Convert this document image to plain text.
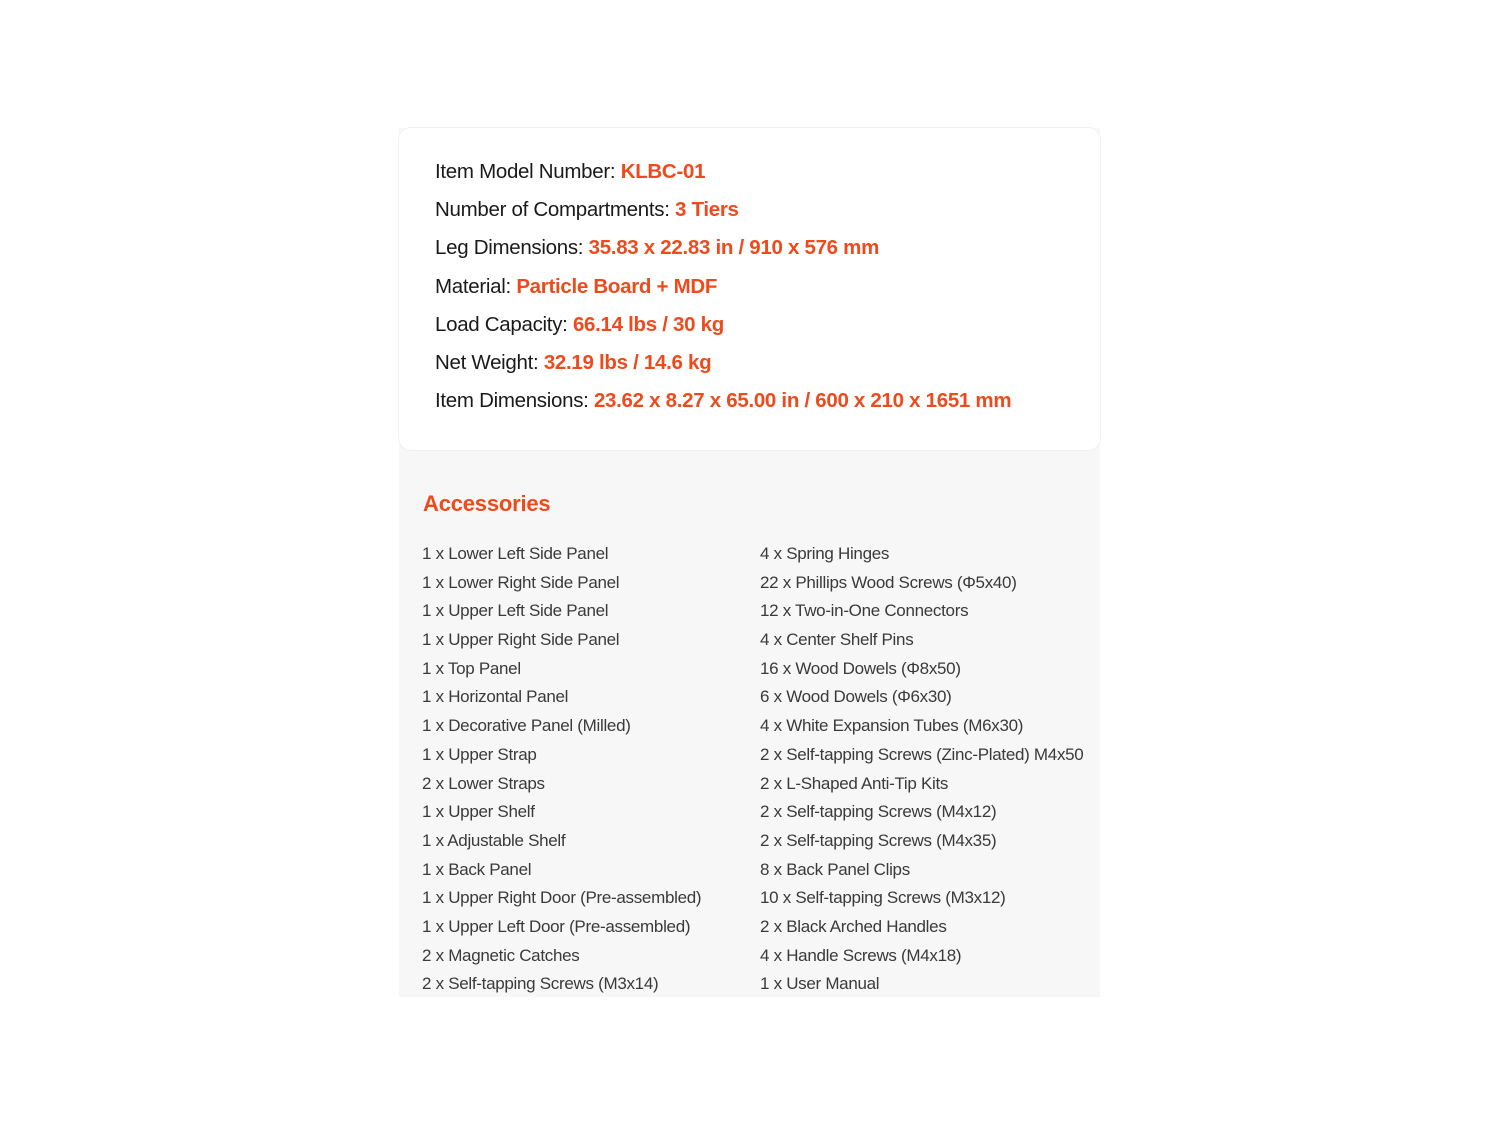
Item Model Number: KLBC-01
Number of Compartments: 3 Tiers
Leg Dimensions: 35.83 x 22.83 in / 910 x 576 mm
Material: Particle Board + MDF
Load Capacity: 66.14 lbs / 30 kg
Net Weight: 32.19 lbs / 14.6 kg
Item Dimensions: 23.62 x 8.27 x 65.00 in / 600 x 210 x 1651 mm
Accessories
1 x Lower Left Side Panel
1 x Lower Right Side Panel
1 x Upper Left Side Panel
1 x Upper Right Side Panel
1 x Top Panel
1 x Horizontal Panel
1 x Decorative Panel (Milled)
1 x Upper Strap
2 x Lower Straps
1 x Upper Shelf
1 x Adjustable Shelf
1 x Back Panel
1 x Upper Right Door (Pre-assembled)
1 x Upper Left Door (Pre-assembled)
2 x Magnetic Catches
2 x Self-tapping Screws (M3x14)
4 x Spring Hinges
22 x Phillips Wood Screws (Φ5x40)
12 x Two-in-One Connectors
4 x Center Shelf Pins
16 x Wood Dowels (Φ8x50)
6 x Wood Dowels (Φ6x30)
4 x White Expansion Tubes (M6x30)
2 x Self-tapping Screws (Zinc-Plated) M4x50
2 x L-Shaped Anti-Tip Kits
2 x Self-tapping Screws (M4x12)
2 x Self-tapping Screws (M4x35)
8 x Back Panel Clips
10 x Self-tapping Screws (M3x12)
2 x Black Arched Handles
4 x Handle Screws (M4x18)
1 x User Manual
